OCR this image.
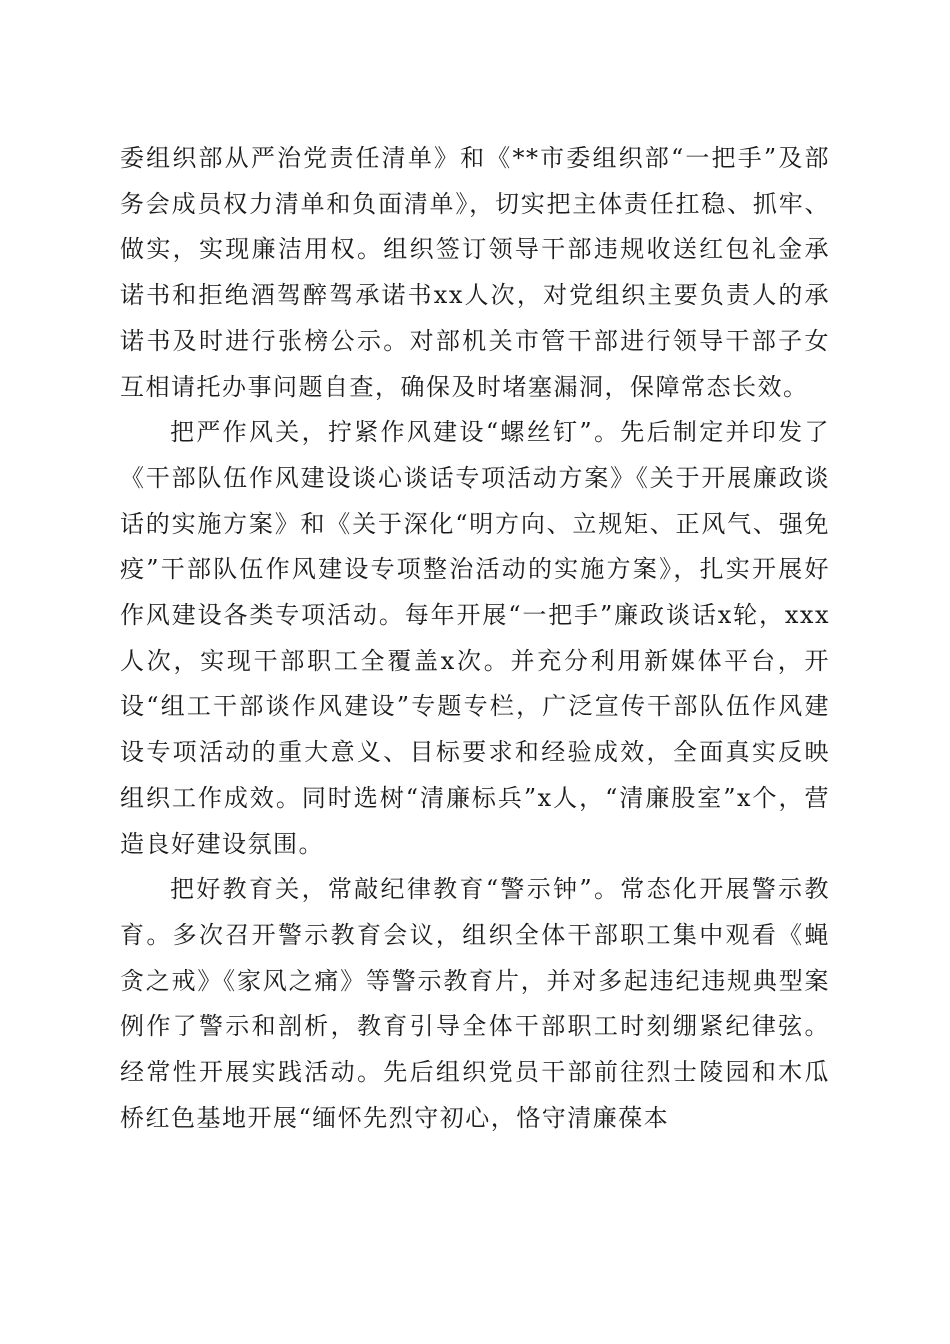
委组织部从严治党责任清单》和《**市委组织部“一把手”及部务会成员权力清单和负面清单》，切实把主体责任扛稳、抓牢、做实，实现廉洁用权。组织签订领导干部违规收送红包礼金承诺书和拒绝酒驾醉驾承诺书xx人次，对党组织主要负责人的承诺书及时进行张榜公示。对部机关市管干部进行领导干部子女互相请托办事问题自查，确保及时堵塞漏洞，保障常态长效。

把严作风关，拧紧作风建设“螺丝钉”。先后制定并印发了《干部队伍作风建设谈心谈话专项活动方案》《关于开展廉政谈话的实施方案》和《关于深化“明方向、立规矩、正风气、强免疫”干部队伍作风建设专项整治活动的实施方案》，扎实开展好作风建设各类专项活动。每年开展“一把手”廉政谈话x轮，xxx人次，实现干部职工全覆盖x次。并充分利用新媒体平台，开设“组工干部谈作风建设”专题专栏，广泛宣传干部队伍作风建设专项活动的重大意义、目标要求和经验成效，全面真实反映组织工作成效。同时选树“清廉标兵”x人，“清廉股室”x个，营造良好建设氛围。

把好教育关，常敲纪律教育“警示钟”。常态化开展警示教育。多次召开警示教育会议，组织全体干部职工集中观看《蝇贪之戒》《家风之痛》等警示教育片，并对多起违纪违规典型案例作了警示和剖析，教育引导全体干部职工时刻绷紧纪律弦。经常性开展实践活动。先后组织党员干部前往烈士陵园和木瓜桥红色基地开展“缅怀先烈守初心，恪守清廉葆本
